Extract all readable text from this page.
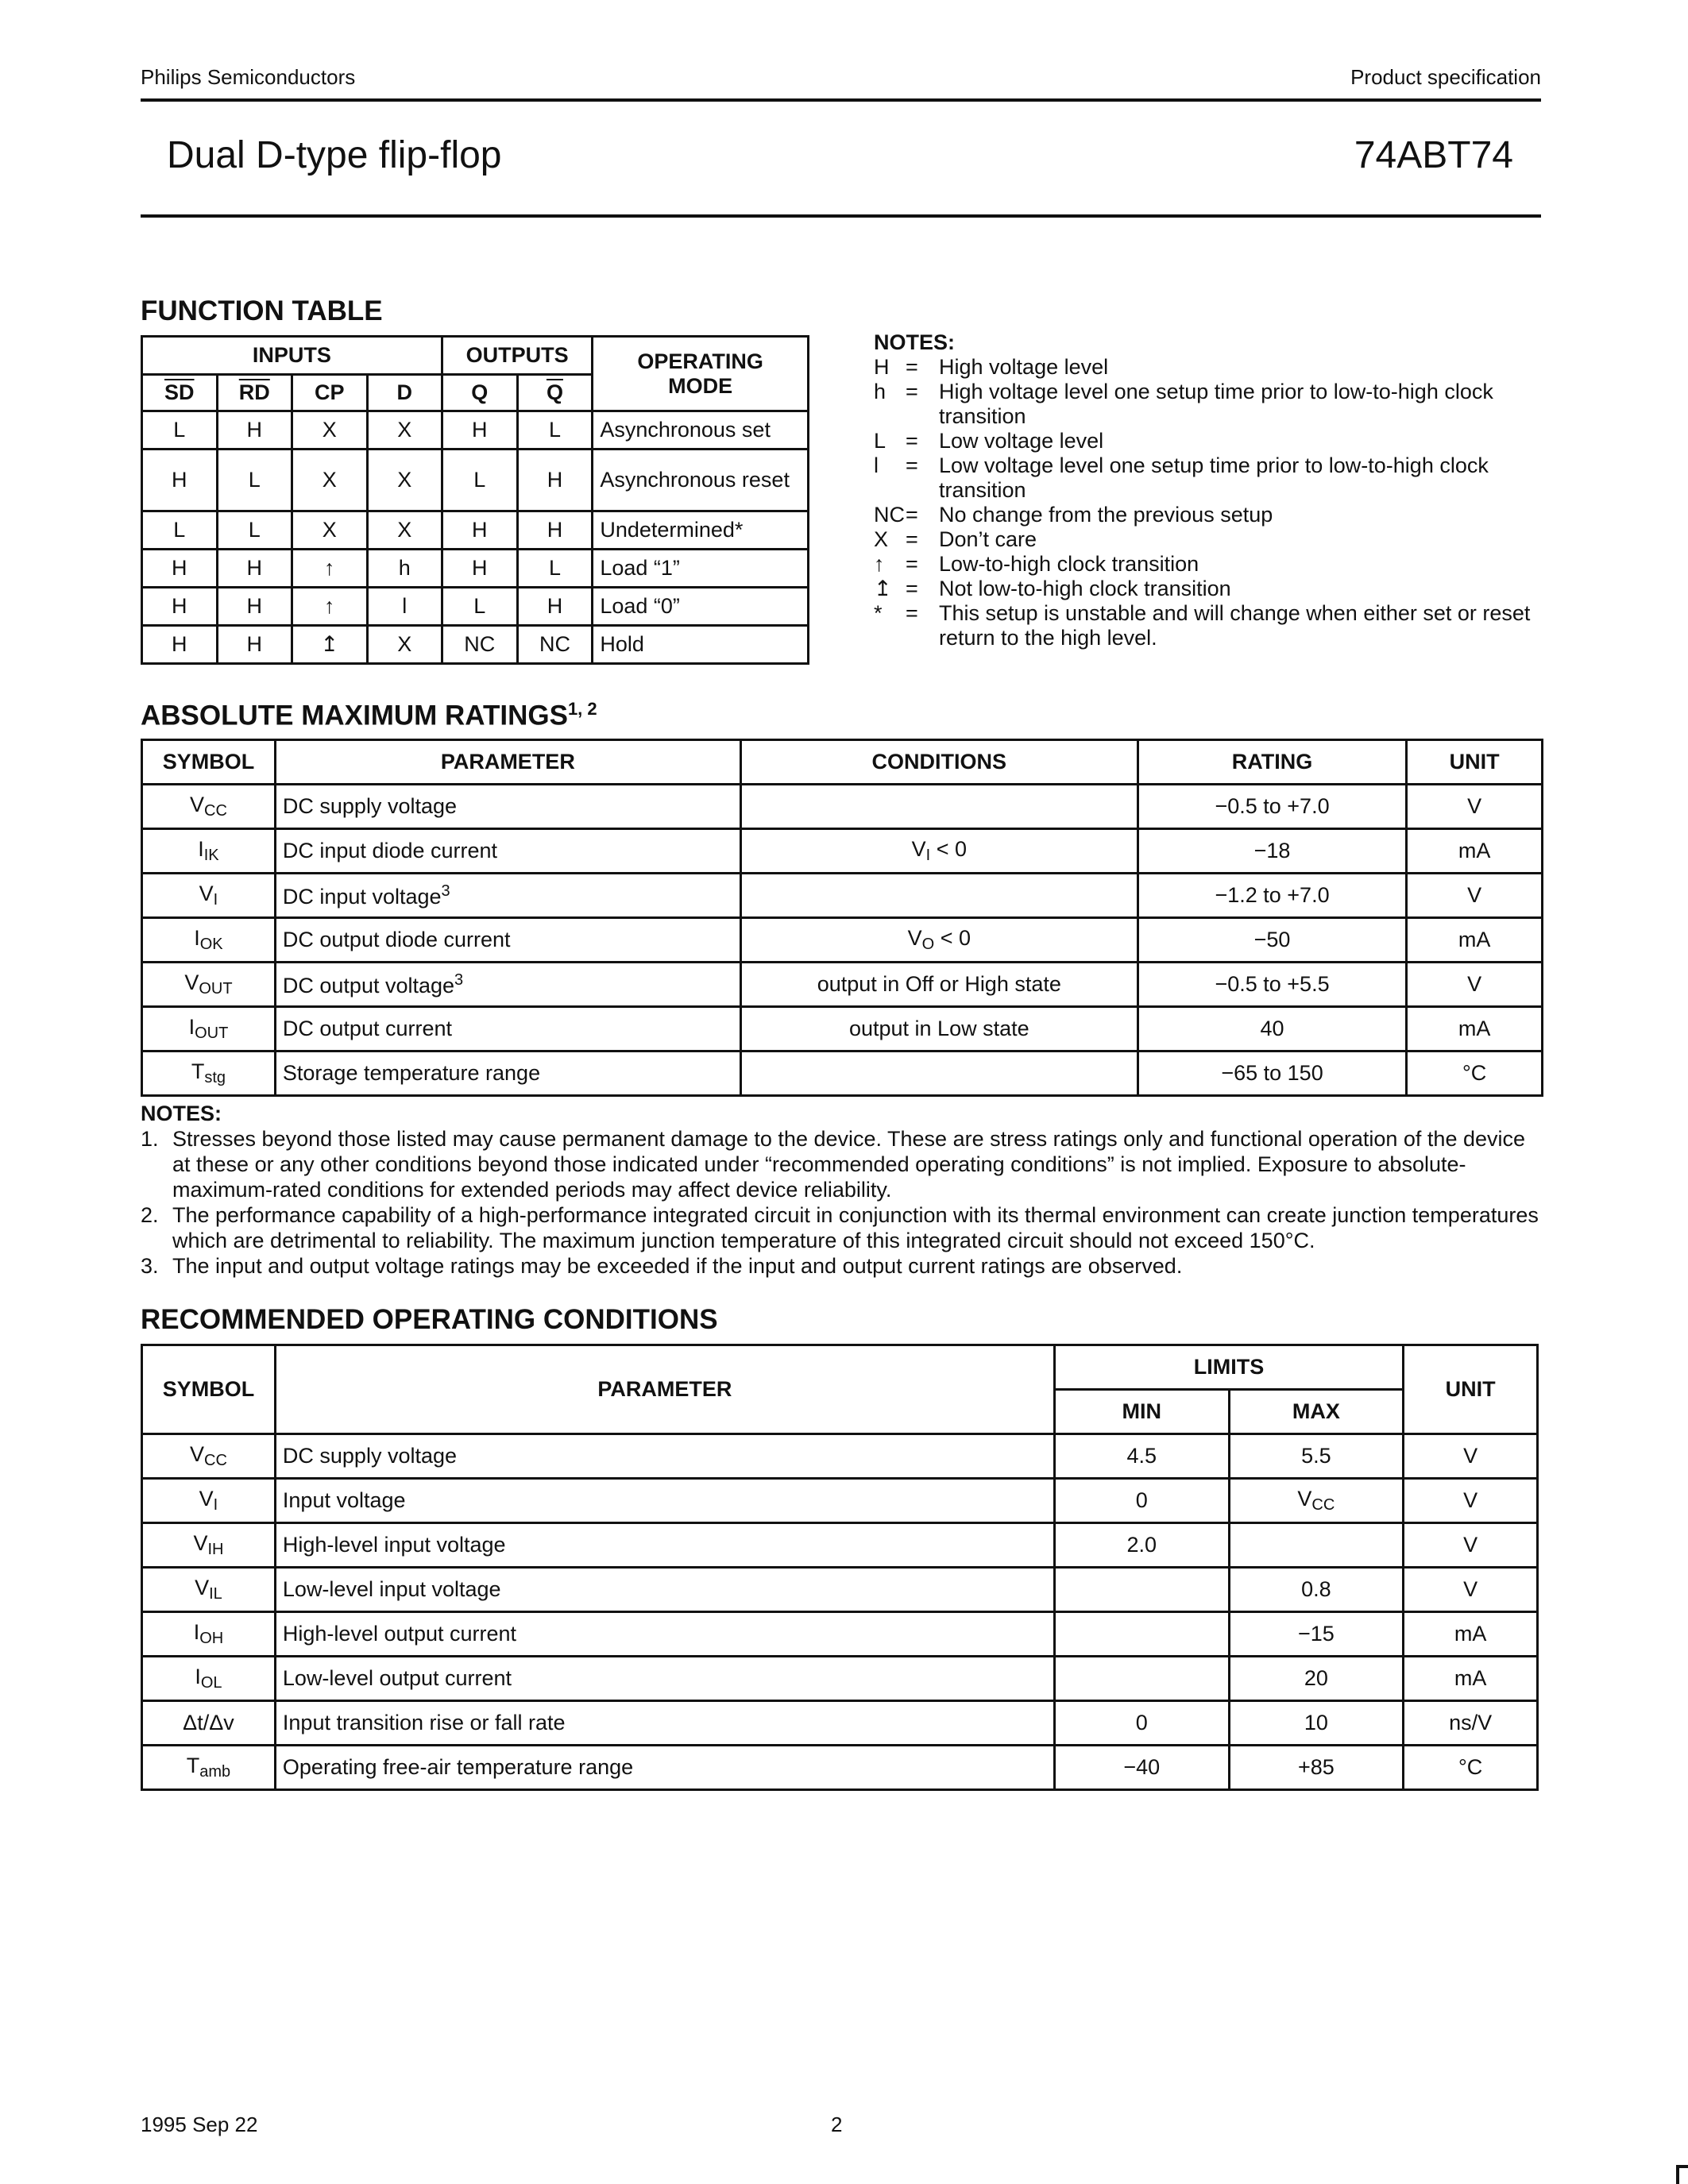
Philips Semiconductors	Product specification
Dual D-type flip-flop	74ABT74
FUNCTION TABLE
INPUTS				OUTPUTS		OPERATING MODE
$\overline{SD}$	$\overline{RD}$	CP	D	Q	$\overline{Q}$
L	H	X	X	H	L	Asynchronous set
H	L	X	X	L	H	Asynchronous reset
L	L	X	X	H	H	Undetermined*
H	H	↑	h	H	L	Load “1”
H	H	↑	l	L	H	Load “0”
H	H	↥	X	NC	NC	Hold
NOTES:
H = High voltage level
h = High voltage level one setup time prior to low-to-high clock transition
L = Low voltage level
l	= Low voltage level one setup time prior to low-to-high clock transition
NC = No change from the previous setup
X = Don’t care
↑ = Low-to-high clock transition
↥ = Not low-to-high clock transition
*	= This setup is unstable and will change when either set or reset return to the high level.
ABSOLUTE MAXIMUM RATINGS$^{1, 2}$
SYMBOL	PARAMETER	CONDITIONS	RATING	UNIT
$V_{CC}$	DC supply voltage		−0.5 to +7.0	V
$I_{IK}$	DC input diode current	$V_I < 0$	−18	mA
$V_I$	DC input voltage$^3$		−1.2 to +7.0	V
$I_{OK}$	DC output diode current	$V_O < 0$	−50	mA
$V_{OUT}$	DC output voltage$^3$	output in Off or High state	−0.5 to +5.5	V
$I_{OUT}$	DC output current	output in Low state	40	mA
$T_{stg}$	Storage temperature range		−65 to 150	°C
NOTES:
1. Stresses beyond those listed may cause permanent damage to the device. These are stress ratings only and functional operation of the device at these or any other conditions beyond those indicated under “recommended operating conditions” is not implied. Exposure to absolute-maximum-rated conditions for extended periods may affect device reliability.
2. The performance capability of a high-performance integrated circuit in conjunction with its thermal environment can create junction temperatures which are detrimental to reliability. The maximum junction temperature of this integrated circuit should not exceed 150°C.
3. The input and output voltage ratings may be exceeded if the input and output current ratings are observed.
RECOMMENDED OPERATING CONDITIONS
SYMBOL	PARAMETER	LIMITS		UNIT
		MIN	MAX	
$V_{CC}$	DC supply voltage	4.5	5.5	V
$V_I$	Input voltage	0	$V_{CC}$	V
$V_{IH}$	High-level input voltage	2.0		V
$V_{IL}$	Low-level input voltage		0.8	V
$I_{OH}$	High-level output current		−15	mA
$I_{OL}$	Low-level output current		20	mA
Δt/Δv	Input transition rise or fall rate	0	10	ns/V
$T_{amb}$	Operating free-air temperature range	−40	+85	°C
1995 Sep 22	2
